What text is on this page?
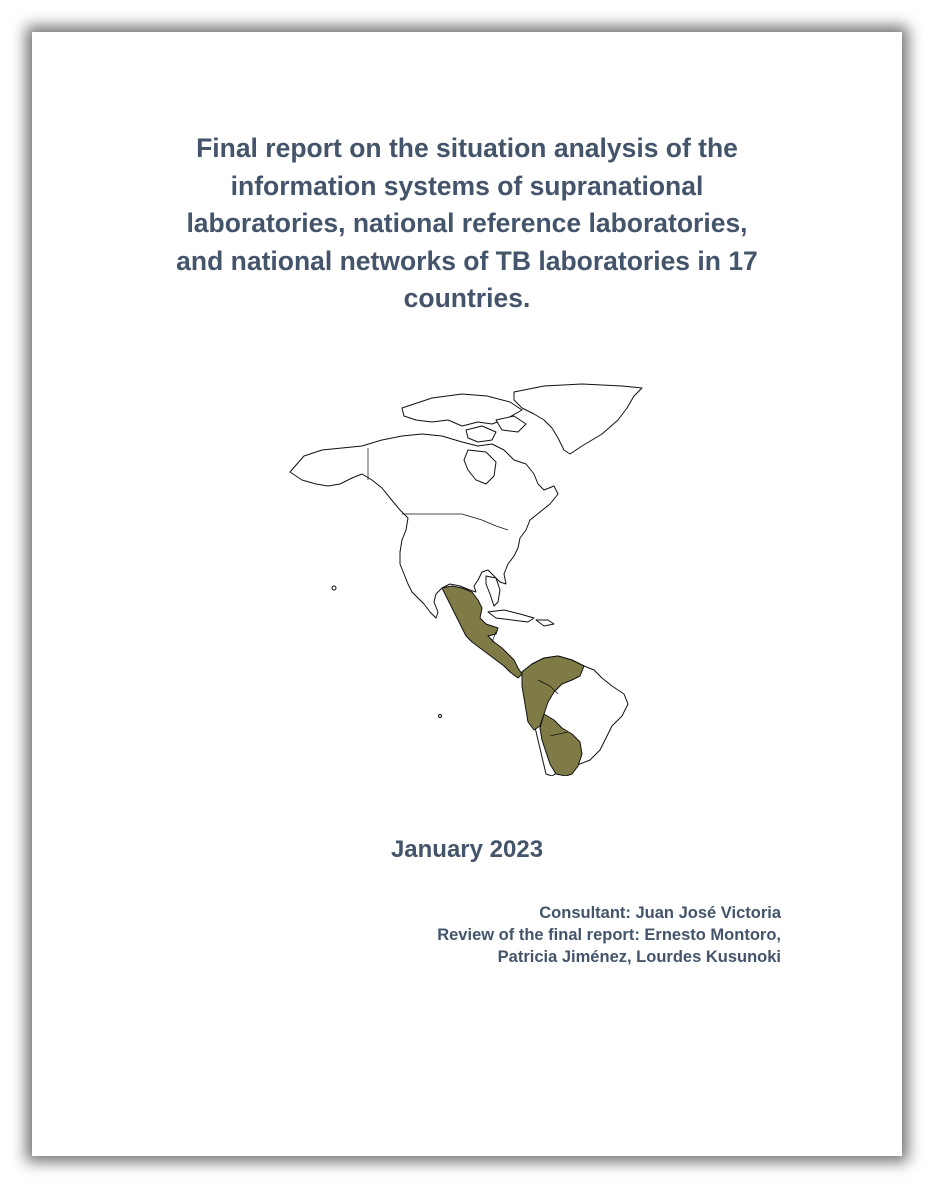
Final report on the situation analysis of the
information systems of supranational
laboratories, national reference laboratories,
and national networks of TB laboratories in 17
countries.
January 2023
Consultant: Juan José Victoria
Review of the final report: Ernesto Montoro,
Patricia Jiménez, Lourdes Kusunoki
